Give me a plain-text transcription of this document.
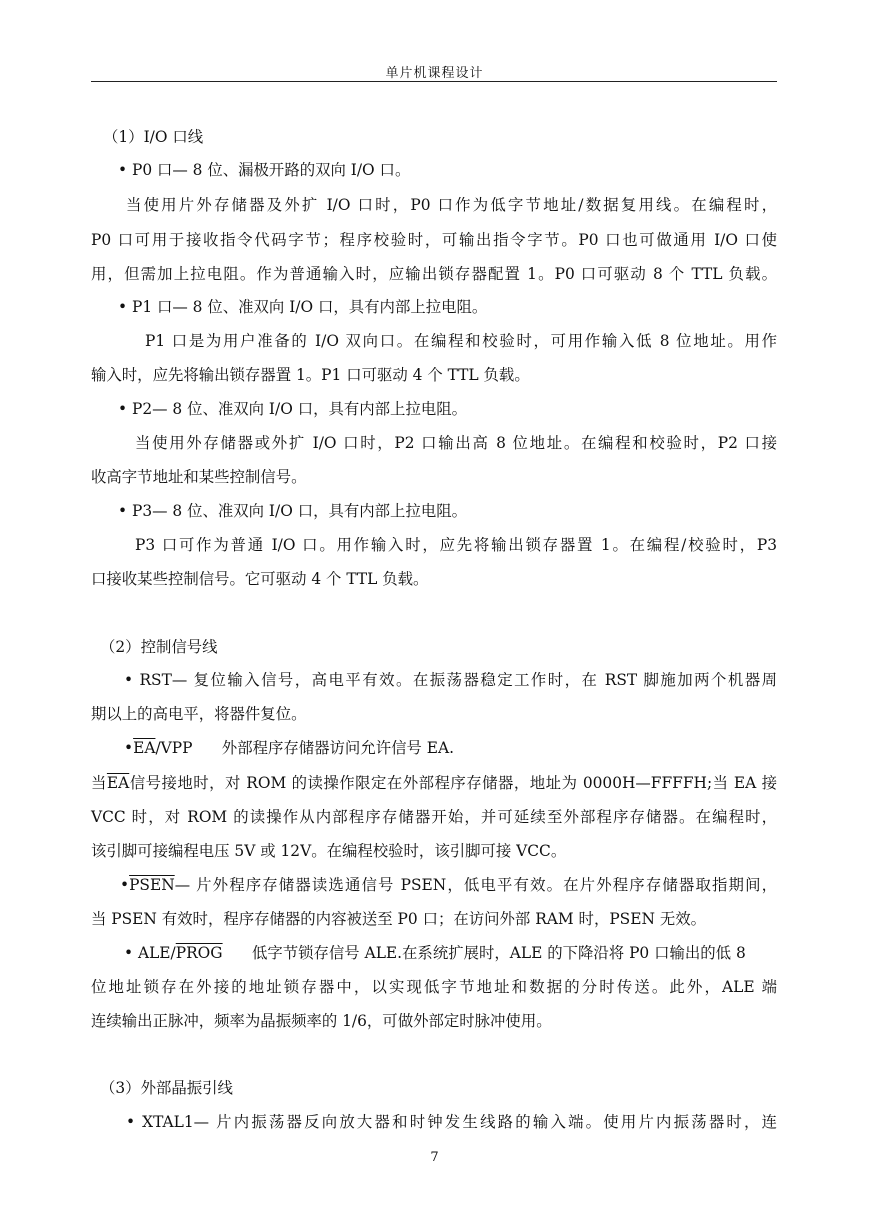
单片机课程设计
（1）I/O 口线
• P0 口— 8 位、漏极开路的双向 I/O 口。
当使用片外存储器及外扩 I/O 口时，P0 口作为低字节地址/数据复用线。在编程时，
P0 口可用于接收指令代码字节；程序校验时，可输出指令字节。P0 口也可做通用 I/O 口使
用，但需加上拉电阻。作为普通输入时，应输出锁存器配置 1。P0 口可驱动 8 个 TTL 负载。
• P1 口— 8 位、准双向 I/O 口，具有内部上拉电阻。
P1 口是为用户准备的 I/O 双向口。在编程和校验时，可用作输入低 8 位地址。用作
输入时，应先将输出锁存器置 1。P1 口可驱动 4 个 TTL 负载。
• P2— 8 位、准双向 I/O 口，具有内部上拉电阻。
当使用外存储器或外扩 I/O 口时，P2 口输出高 8 位地址。在编程和校验时，P2 口接
收高字节地址和某些控制信号。
• P3— 8 位、准双向 I/O 口，具有内部上拉电阻。
P3 口可作为普通 I/O 口。用作输入时，应先将输出锁存器置 1。在编程/校验时，P3
口接收某些控制信号。它可驱动 4 个 TTL 负载。
（2）控制信号线
• RST— 复位输入信号，高电平有效。在振荡器稳定工作时，在 RST 脚施加两个机器周
期以上的高电平，将器件复位。
$•\overline{EA}$/VPP      外部程序存储器访问允许信号 EA.
当$\overline{EA}$信号接地时，对 ROM 的读操作限定在外部程序存储器，地址为 0000H—FFFFH;当 EA 接
VCC 时，对 ROM 的读操作从内部程序存储器开始，并可延续至外部程序存储器。在编程时，
该引脚可接编程电压 5V 或 12V。在编程校验时，该引脚可接 VCC。
•PSEN— 片外程序存储器读选通信号 PSEN，低电平有效。在片外程序存储器取指期间，
当 PSEN 有效时，程序存储器的内容被送至 P0 口；在访问外部 RAM 时，PSEN 无效。
• ALE/PROG      低字节锁存信号 ALE.在系统扩展时，ALE 的下降沿将 P0 口输出的低 8
位地址锁存在外接的地址锁存器中，以实现低字节地址和数据的分时传送。此外，ALE 端
连续输出正脉冲，频率为晶振频率的 1/6，可做外部定时脉冲使用。
（3）外部晶振引线
• XTAL1— 片内振荡器反向放大器和时钟发生线路的输入端。使用片内振荡器时，连
7
